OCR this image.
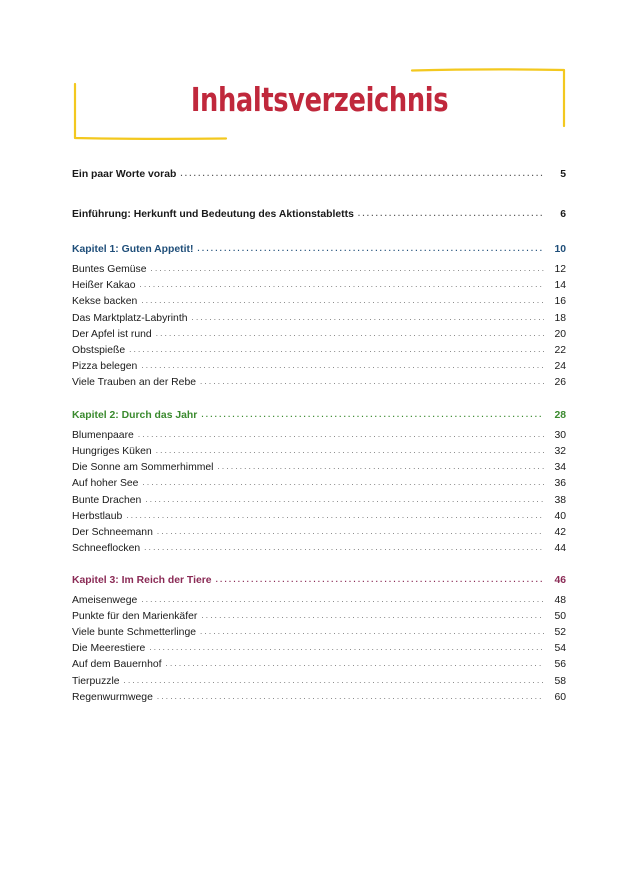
Inhaltsverzeichnis
Ein paar Worte vorab . . .	5
Einführung: Herkunft und Bedeutung des Aktionstabletts . . .	6
Kapitel 1: Guten Appetit! . . .	10
Buntes Gemüse . . .	12
Heißer Kakao . . .	14
Kekse backen . . .	16
Das Marktplatz-Labyrinth . . .	18
Der Apfel ist rund . . .	20
Obstspieße . . .	22
Pizza belegen . . .	24
Viele Trauben an der Rebe . . .	26
Kapitel 2: Durch das Jahr . . .	28
Blumenpaare . . .	30
Hungriges Küken . . .	32
Die Sonne am Sommerhimmel . . .	34
Auf hoher See . . .	36
Bunte Drachen . . .	38
Herbstlaub . . .	40
Der Schneemann . . .	42
Schneeflocken . . .	44
Kapitel 3: Im Reich der Tiere . . .	46
Ameisenwege . . .	48
Punkte für den Marienkäfer . . .	50
Viele bunte Schmetterlinge . . .	52
Die Meerestiere . . .	54
Auf dem Bauernhof . . .	56
Tierpuzzle . . .	58
Regenwurmwege . . .	60
